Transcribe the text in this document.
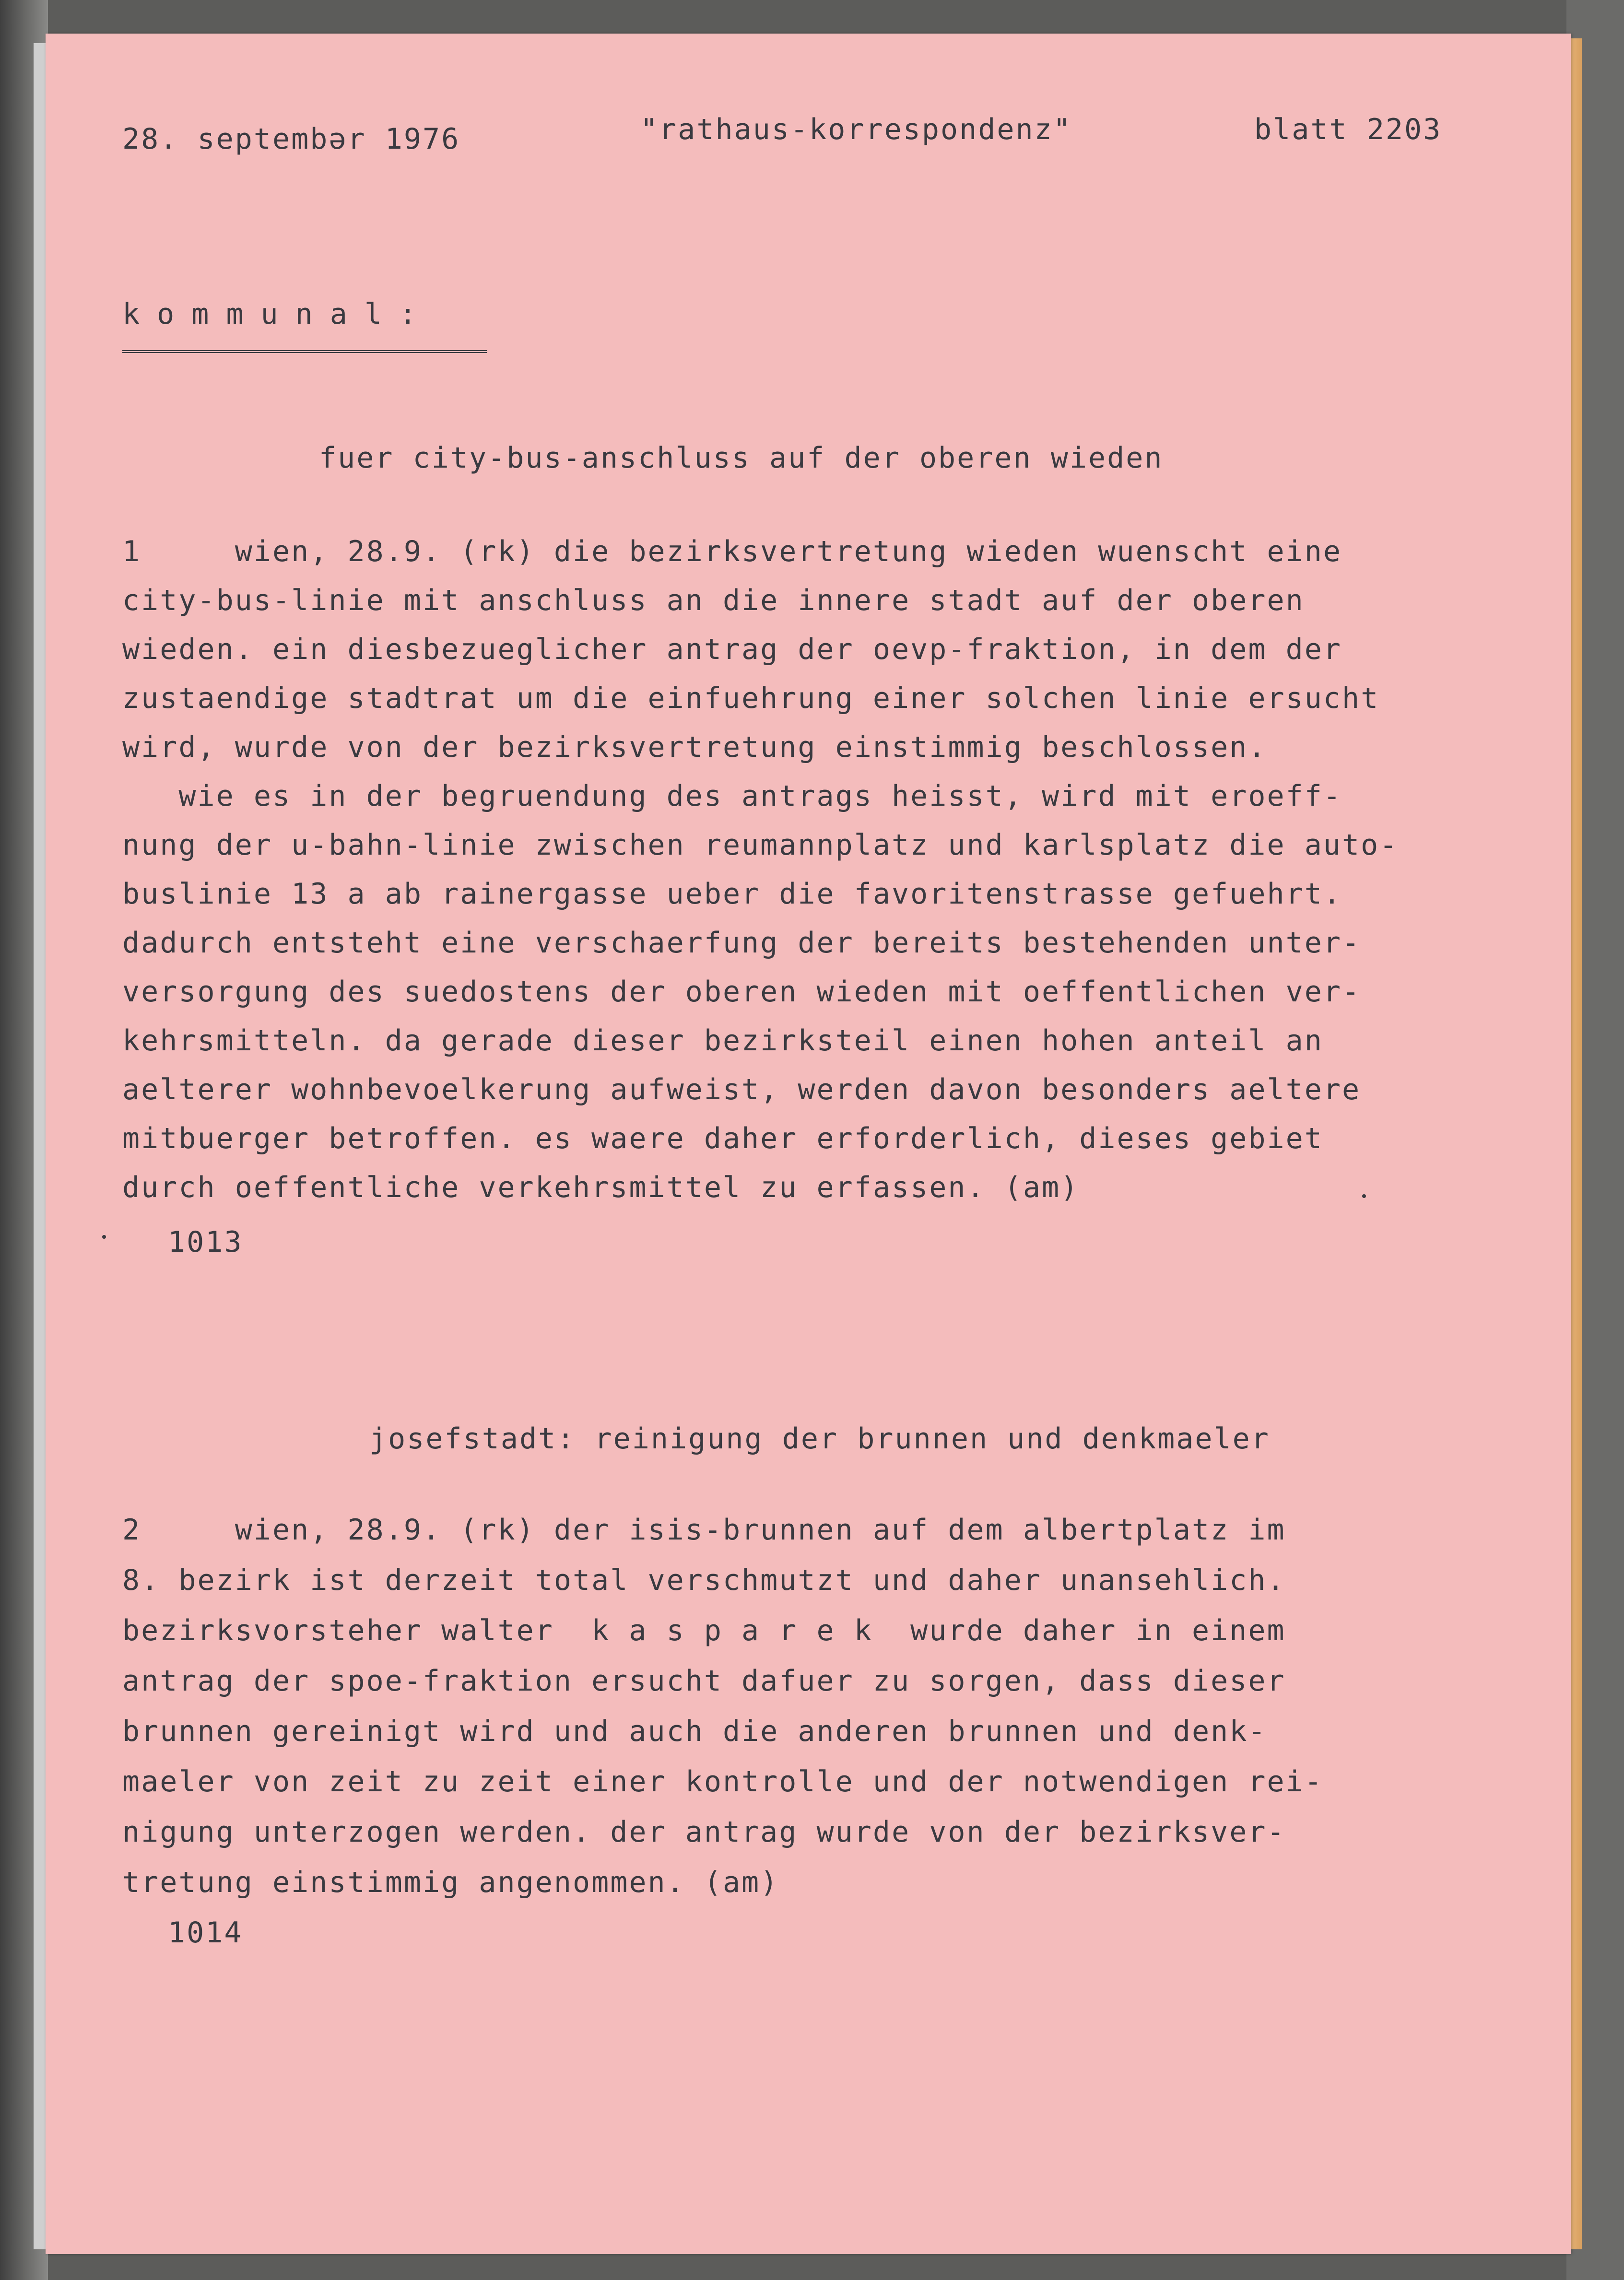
28. septembər 1976	"rathaus-korrespondenz"	blatt 2203
kommunal:
fuer city-bus-anschluss auf der oberen wieden
1     wien, 28.9. (rk) die bezirksvertretung wieden wuenscht eine
city-bus-linie mit anschluss an die innere stadt auf der oberen
wieden. ein diesbezueglicher antrag der oevp-fraktion, in dem der
zustaendige stadtrat um die einfuehrung einer solchen linie ersucht
wird, wurde von der bezirksvertretung einstimmig beschlossen.
wie es in der begruendung des antrags heisst, wird mit eroeff-
nung der u-bahn-linie zwischen reumannplatz und karlsplatz die auto-
buslinie 13 a ab rainergasse ueber die favoritenstrasse gefuehrt.
dadurch entsteht eine verschaerfung der bereits bestehenden unter-
versorgung des suedostens der oberen wieden mit oeffentlichen ver-
kehrsmitteln. da gerade dieser bezirksteil einen hohen anteil an
aelterer wohnbevoelkerung aufweist, werden davon besonders aeltere
mitbuerger betroffen. es waere daher erforderlich, dieses gebiet
durch oeffentliche verkehrsmittel zu erfassen. (am)
1013
josefstadt: reinigung der brunnen und denkmaeler
2     wien, 28.9. (rk) der isis-brunnen auf dem albertplatz im
8. bezirk ist derzeit total verschmutzt und daher unansehlich.
bezirksvorsteher walter  k a s p a r e k  wurde daher in einem
antrag der spoe-fraktion ersucht dafuer zu sorgen, dass dieser
brunnen gereinigt wird und auch die anderen brunnen und denk-
maeler von zeit zu zeit einer kontrolle und der notwendigen rei-
nigung unterzogen werden. der antrag wurde von der bezirksver-
tretung einstimmig angenommen. (am)
1014
